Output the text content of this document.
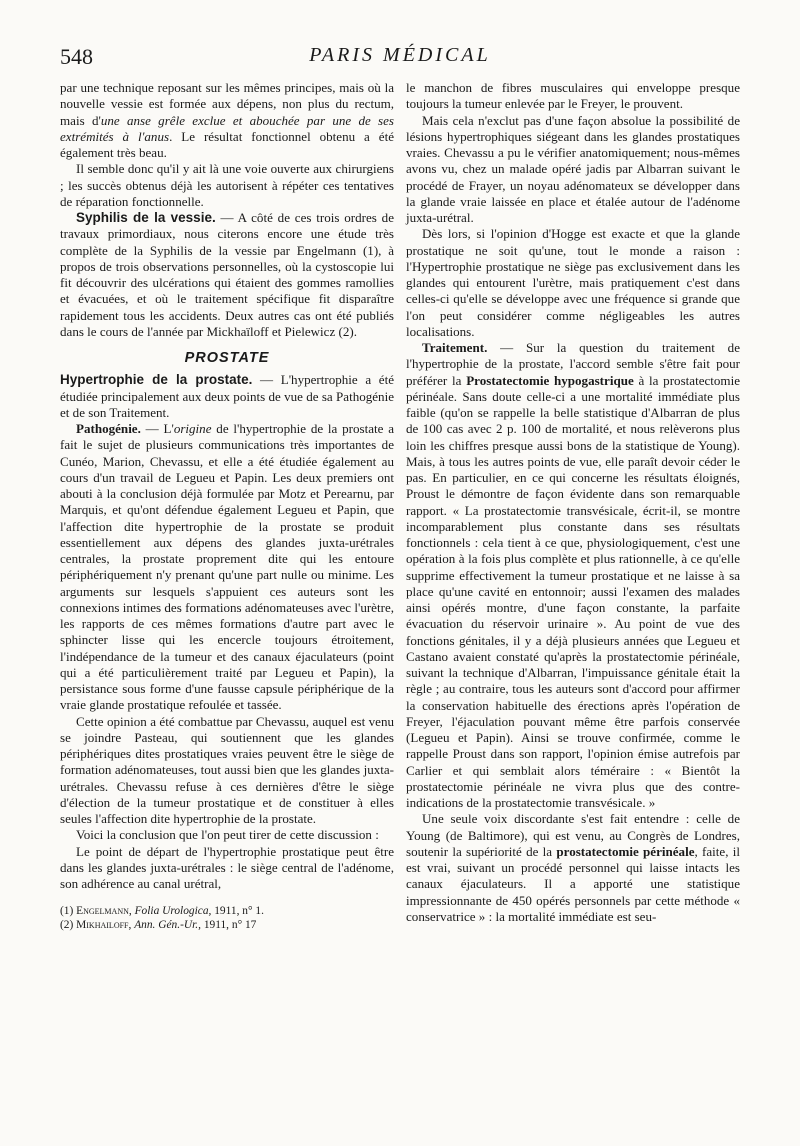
548	PARIS MÉDICAL

par une technique reposant sur les mêmes principes, mais où la nouvelle vessie est formée aux dépens, non plus du rectum, mais d'une anse grêle exclue et abouchée par une de ses extrémités à l'anus. Le résultat fonctionnel obtenu a été également très beau.

Il semble donc qu'il y ait là une voie ouverte aux chirurgiens ; les succès obtenus déjà les autorisent à répéter ces tentatives de réparation fonctionnelle.

Syphilis de la vessie. — A côté de ces trois ordres de travaux primordiaux, nous citerons encore une étude très complète de la Syphilis de la vessie par Engelmann (1), à propos de trois observations personnelles, où la cystoscopie lui fit découvrir des ulcérations qui étaient des gommes ramollies et évacuées, et où le traitement spécifique fit disparaître rapidement tous les accidents. Deux autres cas ont été publiés dans le cours de l'année par Mickhaïloff et Pielewicz (2).

PROSTATE

Hypertrophie de la prostate. — L'hypertrophie a été étudiée principalement aux deux points de vue de sa Pathogénie et de son Traitement.

Pathogénie. — L'origine de l'hypertrophie de la prostate a fait le sujet de plusieurs communications très importantes de Cunéo, Marion, Chevassu, et elle a été étudiée également au cours d'un travail de Legueu et Papin. Les deux premiers ont abouti à la conclusion déjà formulée par Motz et Perearnu, par Marquis, et qu'ont défendue également Legueu et Papin, que l'affection dite hypertrophie de la prostate se produit essentiellement aux dépens des glandes juxta-urétrales centrales, la prostate proprement dite qui les entoure périphériquement n'y prenant qu'une part nulle ou minime. Les arguments sur lesquels s'appuient ces auteurs sont les connexions intimes des formations adénomateuses avec l'urètre, les rapports de ces mêmes formations d'autre part avec le sphincter lisse qui les encercle toujours étroitement, l'indépendance de la tumeur et des canaux éjaculateurs (point qui a été particulièrement traité par Legueu et Papin), la persistance sous forme d'une fausse capsule périphérique de la vraie glande prostatique refoulée et tassée.

Cette opinion a été combattue par Chevassu, auquel est venu se joindre Pasteau, qui soutiennent que les glandes périphériques dites prostatiques vraies peuvent être le siège de formation adénomateuses, tout aussi bien que les glandes juxta-urétrales. Chevassu refuse à ces dernières d'être le siège d'élection de la tumeur prostatique et de constituer à elles seules l'affection dite hypertrophie de la prostate.

Voici la conclusion que l'on peut tirer de cette discussion :

Le point de départ de l'hypertrophie prostatique peut être dans les glandes juxta-urétrales : le siège central de l'adénome, son adhérence au canal urétral,

(1) Engelmann, Folia Urologica, 1911, n° 1.
(2) Mikhailoff, Ann. Gén.-Ur., 1911, n° 17

le manchon de fibres musculaires qui enveloppe presque toujours la tumeur enlevée par le Freyer, le prouvent.

Mais cela n'exclut pas d'une façon absolue la possibilité de lésions hypertrophiques siégeant dans les glandes prostatiques vraies. Chevassu a pu le vérifier anatomiquement; nous-mêmes avons vu, chez un malade opéré jadis par Albarran suivant le procédé de Frayer, un noyau adénomateux se développer dans la glande vraie laissée en place et étalée autour de l'adénome juxta-urétral.

Dès lors, si l'opinion d'Hogge est exacte et que la glande prostatique ne soit qu'une, tout le monde a raison : l'Hypertrophie prostatique ne siège pas exclusivement dans les glandes qui entourent l'urètre, mais pratiquement c'est dans celles-ci qu'elle se développe avec une fréquence si grande que l'on peut considérer comme négligeables les autres localisations.

Traitement. — Sur la question du traitement de l'hypertrophie de la prostate, l'accord semble s'être fait pour préférer la Prostatectomie hypogastrique à la prostatectomie périnéale. Sans doute celle-ci a une mortalité immédiate plus faible (qu'on se rappelle la belle statistique d'Albarran de plus de 100 cas avec 2 p. 100 de mortalité, et nous relèverons plus loin les chiffres presque aussi bons de la statistique de Young). Mais, à tous les autres points de vue, elle paraît devoir céder le pas. En particulier, en ce qui concerne les résultats éloignés, Proust le démontre de façon évidente dans son remarquable rapport. « La prostatectomie transvésicale, écrit-il, se montre incomparablement plus constante dans ses résultats fonctionnels : cela tient à ce que, physiologiquement, c'est une opération à la fois plus complète et plus rationnelle, à ce qu'elle supprime effectivement la tumeur prostatique et ne laisse à sa place qu'une cavité en entonnoir; aussi l'examen des malades ainsi opérés montre, d'une façon constante, la parfaite évacuation du réservoir urinaire ». Au point de vue des fonctions génitales, il y a déjà plusieurs années que Legueu et Castano avaient constaté qu'après la prostatectomie périnéale, suivant la technique d'Albarran, l'impuissance génitale était la règle ; au contraire, tous les auteurs sont d'accord pour affirmer la conservation habituelle des érections après l'opération de Freyer, l'éjaculation pouvant même être parfois conservée (Legueu et Papin). Ainsi se trouve confirmée, comme le rappelle Proust dans son rapport, l'opinion émise autrefois par Carlier et qui semblait alors téméraire : « Bientôt la prostatectomie périnéale ne vivra plus que des contre-indications de la prostatectomie transvésicale. »

Une seule voix discordante s'est fait entendre : celle de Young (de Baltimore), qui est venu, au Congrès de Londres, soutenir la supériorité de la prostatectomie périnéale, faite, il est vrai, suivant un procédé personnel qui laisse intacts les canaux éjaculateurs. Il a apporté une statistique impressionnante de 450 opérés personnels par cette méthode « conservatrice » : la mortalité immédiate est seu-
